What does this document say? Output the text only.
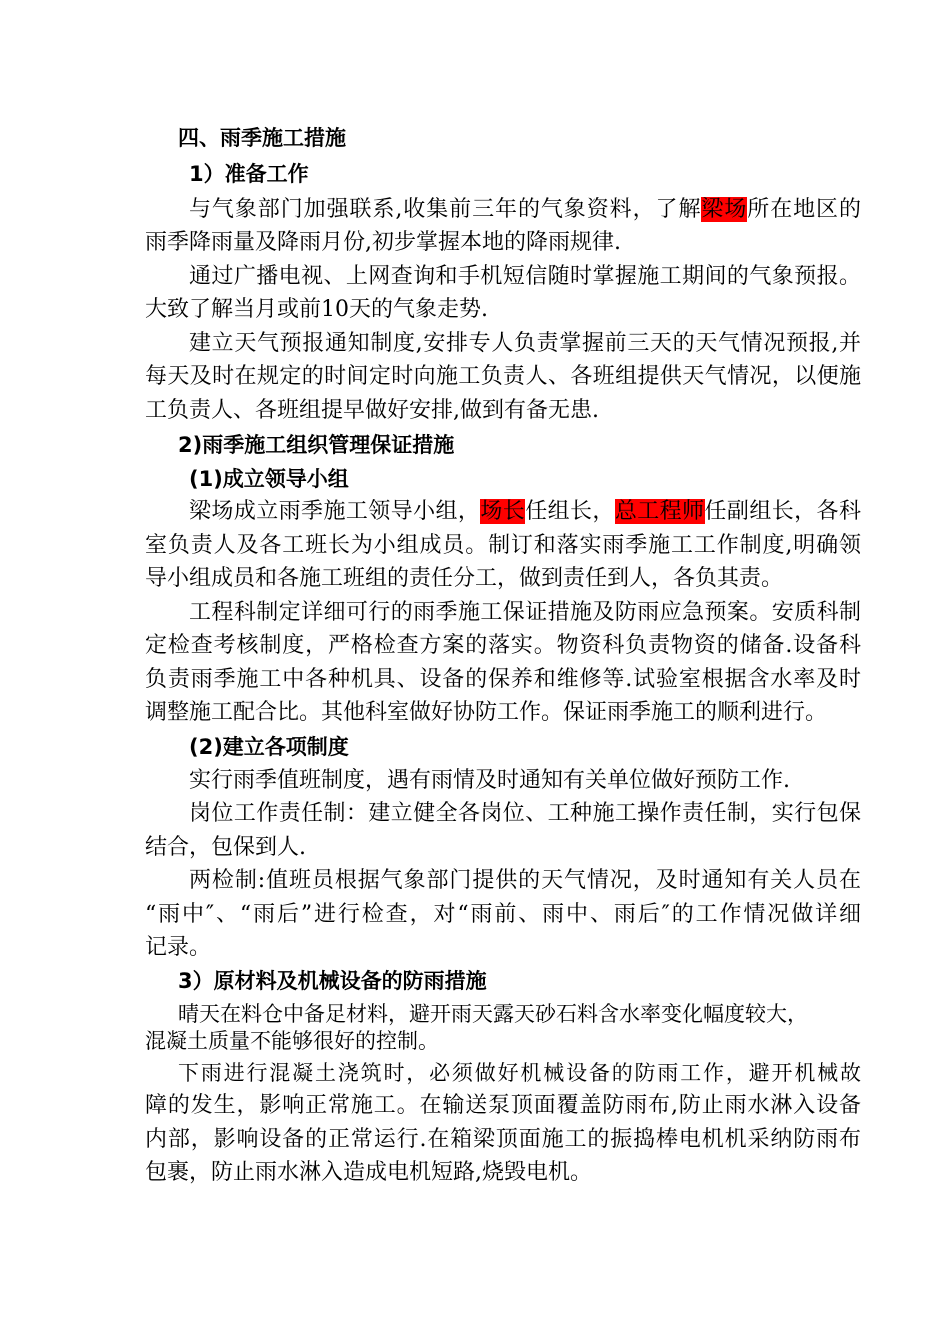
四、雨季施工措施
1）准备工作
与气象部门加强联系,收集前三年的气象资料，了解梁场所在地区的
雨季降雨量及降雨月份,初步掌握本地的降雨规律.
通过广播电视、上网查询和手机短信随时掌握施工期间的气象预报。
大致了解当月或前10天的气象走势.
建立天气预报通知制度,安排专人负责掌握前三天的天气情况预报,并
每天及时在规定的时间定时向施工负责人、各班组提供天气情况，以便施
工负责人、各班组提早做好安排,做到有备无患.
2)雨季施工组织管理保证措施
(1)成立领导小组
梁场成立雨季施工领导小组，场长任组长，总工程师任副组长，各科
室负责人及各工班长为小组成员。制订和落实雨季施工工作制度,明确领
导小组成员和各施工班组的责任分工，做到责任到人，各负其责。
工程科制定详细可行的雨季施工保证措施及防雨应急预案。安质科制
定检查考核制度，严格检查方案的落实。物资科负责物资的储备.设备科
负责雨季施工中各种机具、设备的保养和维修等.试验室根据含水率及时
调整施工配合比。其他科室做好协防工作。保证雨季施工的顺利进行。
(2)建立各项制度
实行雨季值班制度，遇有雨情及时通知有关单位做好预防工作.
岗位工作责任制：建立健全各岗位、工种施工操作责任制，实行包保
结合，包保到人.
两检制:值班员根据气象部门提供的天气情况，及时通知有关人员在
“雨中″、“雨后”进行检查，对“雨前、雨中、雨后″的工作情况做详细
记录。
3）原材料及机械设备的防雨措施
晴天在料仓中备足材料，避开雨天露天砂石料含水率变化幅度较大，
混凝土质量不能够很好的控制。
下雨进行混凝土浇筑时，必须做好机械设备的防雨工作，避开机械故
障的发生，影响正常施工。在输送泵顶面覆盖防雨布,防止雨水淋入设备
内部，影响设备的正常运行.在箱梁顶面施工的振捣棒电机机采纳防雨布
包裹，防止雨水淋入造成电机短路,烧毁电机。
